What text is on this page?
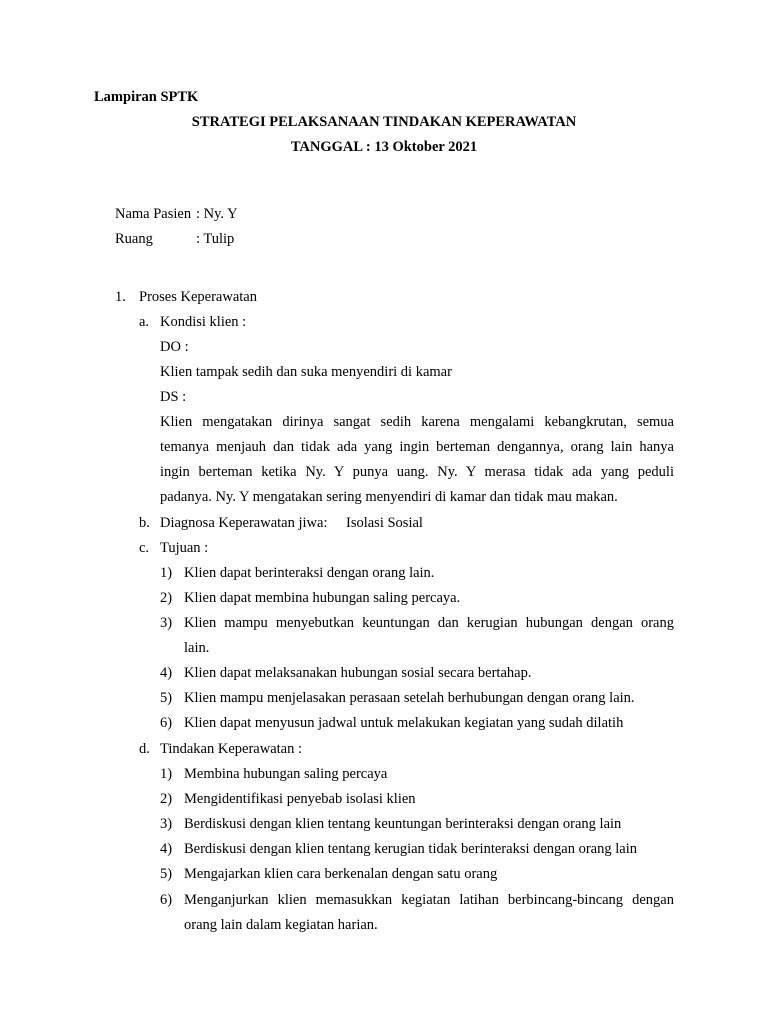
Lampiran SPTK
STRATEGI PELAKSANAAN TINDAKAN KEPERAWATAN
TANGGAL : 13 Oktober 2021
Nama Pasien : Ny. Y
Ruang	: Tulip
1. Proses Keperawatan
a. Kondisi klien :
DO :
Klien tampak sedih dan suka menyendiri di kamar
DS :
Klien mengatakan dirinya sangat sedih karena mengalami kebangkrutan, semua
temanya menjauh dan tidak ada yang ingin berteman dengannya, orang lain hanya
ingin berteman ketika Ny. Y punya uang. Ny. Y merasa tidak ada yang peduli
padanya. Ny. Y mengatakan sering menyendiri di kamar dan tidak mau makan.
b. Diagnosa Keperawatan jiwa: Isolasi Sosial
c. Tujuan :
1) Klien dapat berinteraksi dengan orang lain.
2) Klien dapat membina hubungan saling percaya.
3) Klien mampu menyebutkan keuntungan dan kerugian hubungan dengan orang
lain.
4) Klien dapat melaksanakan hubungan sosial secara bertahap.
5) Klien mampu menjelasakan perasaan setelah berhubungan dengan orang lain.
6) Klien dapat menyusun jadwal untuk melakukan kegiatan yang sudah dilatih
d. Tindakan Keperawatan :
1) Membina hubungan saling percaya
2) Mengidentifikasi penyebab isolasi klien
3) Berdiskusi dengan klien tentang keuntungan berinteraksi dengan orang lain
4) Berdiskusi dengan klien tentang kerugian tidak berinteraksi dengan orang lain
5) Mengajarkan klien cara berkenalan dengan satu orang
6) Menganjurkan klien memasukkan kegiatan latihan berbincang-bincang dengan
orang lain dalam kegiatan harian.
